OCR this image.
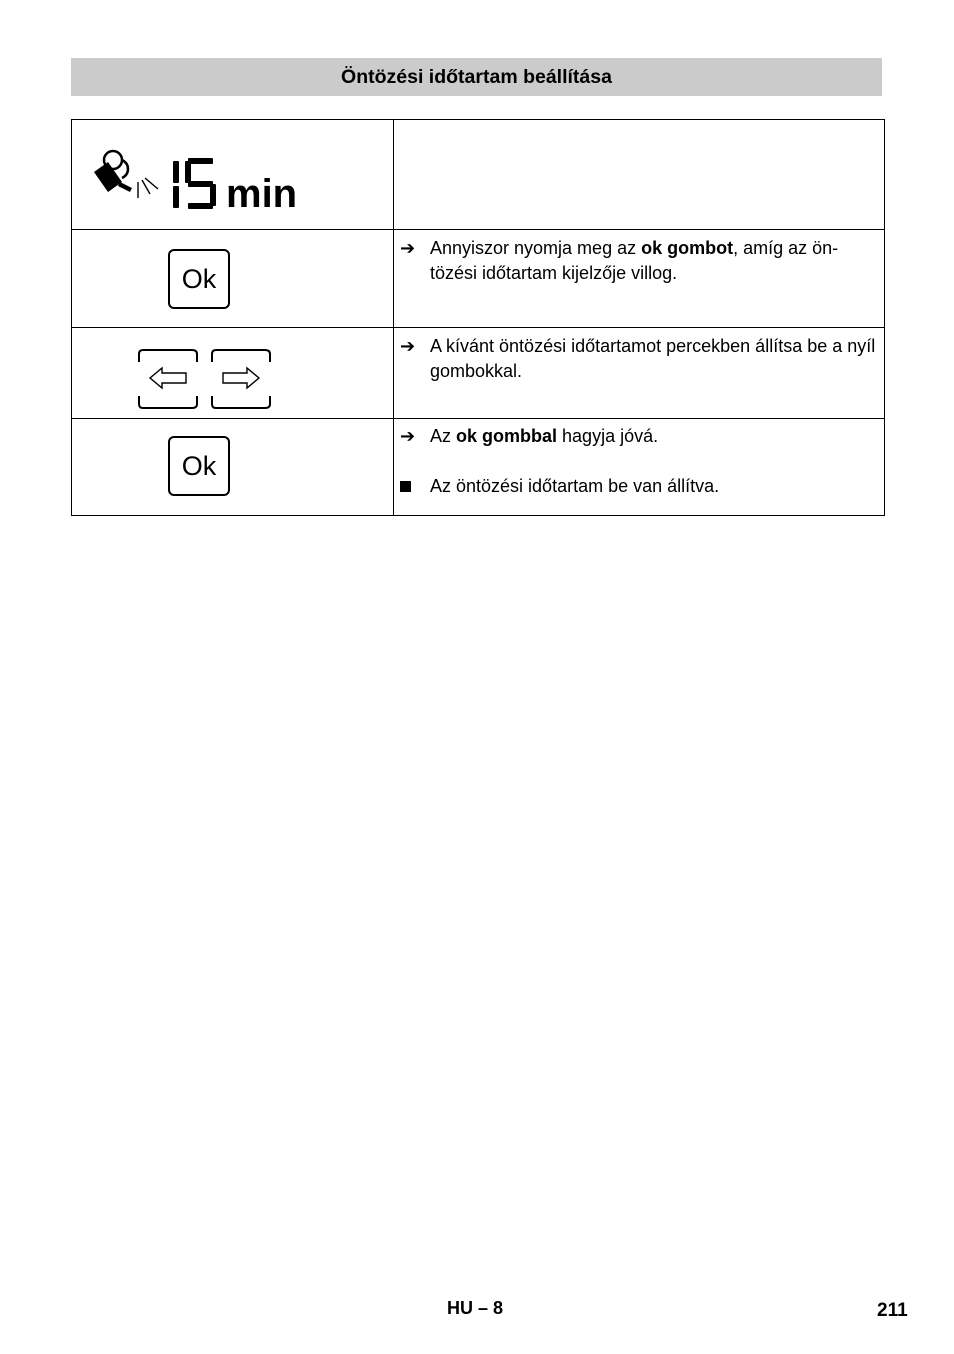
Öntözési időtartam beállítása
min	

Ok	➔ Annyiszor nyomja meg az ok gombot, amíg az ön-tözési időtartam kijelzője villog.

➔ A kívánt öntözési időtartamot percekben állítsa be a nyíl gombokkal.

Ok	➔ Az ok gombbal hagyja jóvá.
Az öntözési időtartam be van állítva.
HU – 8	211
